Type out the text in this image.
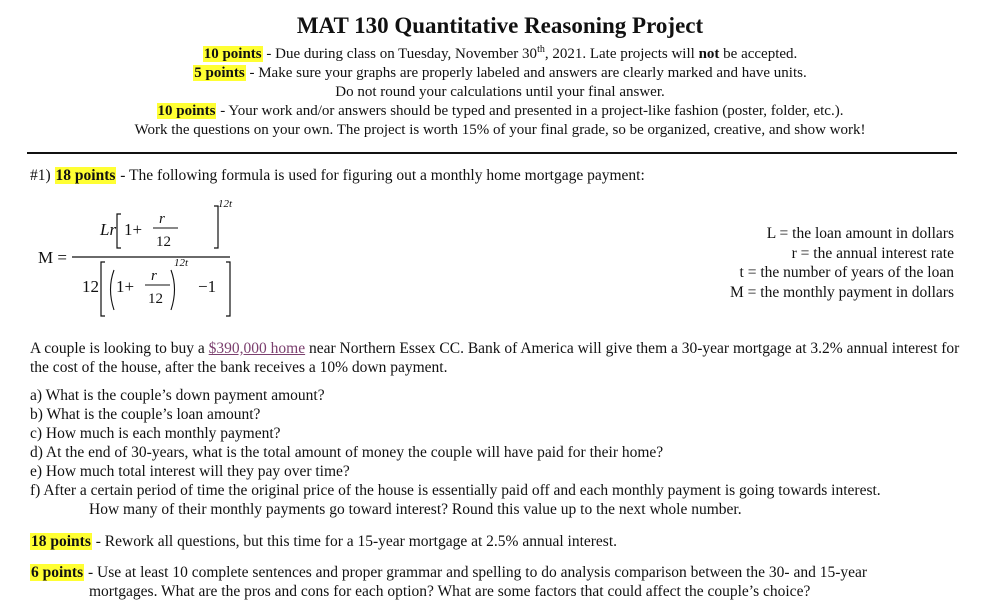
MAT 130 Quantitative Reasoning Project
10 points - Due during class on Tuesday, November 30th, 2021. Late projects will not be accepted.
5 points - Make sure your graphs are properly labeled and answers are clearly marked and have units.
Do not round your calculations until your final answer.
10 points - Your work and/or answers should be typed and presented in a project-like fashion (poster, folder, etc.).
Work the questions on your own. The project is worth 15% of your final grade, so be organized, creative, and show work!
#1) 18 points - The following formula is used for figuring out a monthly home mortgage payment:
M =
Lr 1+
r
12
12t
12 1+
r
12
12t
−1
L = the loan amount in dollars
r = the annual interest rate
t = the number of years of the loan
M = the monthly payment in dollars
A couple is looking to buy a $390,000 home near Northern Essex CC. Bank of America will give them a 30-year mortgage at 3.2% annual interest for the cost of the house, after the bank receives a 10% down payment.
a) What is the couple’s down payment amount?
b) What is the couple’s loan amount?
c) How much is each monthly payment?
d) At the end of 30-years, what is the total amount of money the couple will have paid for their home?
e) How much total interest will they pay over time?
f) After a certain period of time the original price of the house is essentially paid off and each monthly payment is going towards interest.
How many of their monthly payments go toward interest? Round this value up to the next whole number.
18 points - Rework all questions, but this time for a 15-year mortgage at 2.5% annual interest.
6 points - Use at least 10 complete sentences and proper grammar and spelling to do analysis comparison between the 30- and 15-year
mortgages. What are the pros and cons for each option? What are some factors that could affect the couple’s choice?
